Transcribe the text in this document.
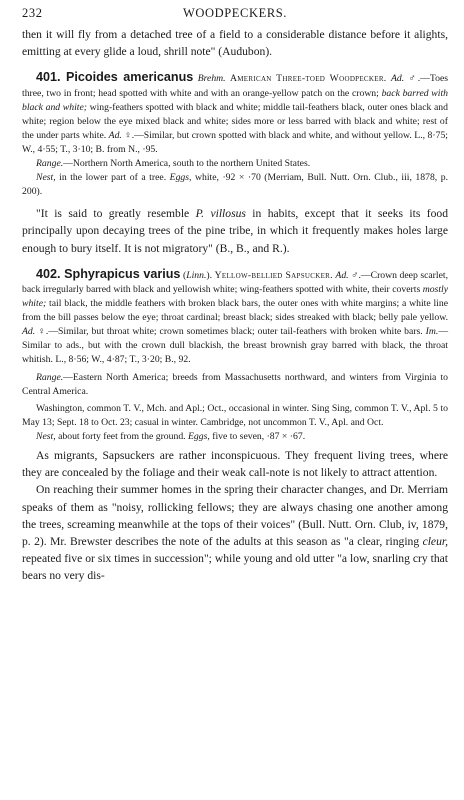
232	WOODPECKERS.

then it will fly from a detached tree of a field to a considerable distance before it alights, emitting at every glide a loud, shrill note" (Audubon).

401. Picoides americanus Brehm. American Three-toed Woodpecker. Ad. ♂.—Toes three, two in front; head spotted with white and with an orange-yellow patch on the crown; back barred with black and white; wing-feathers spotted with black and white; middle tail-feathers black, outer ones black and white; region below the eye mixed black and white; sides more or less barred with black and white; rest of the under parts white. Ad. ♀.—Similar, but crown spotted with black and white, and without yellow. L., 8·75; W., 4·55; T., 3·10; B. from N., ·95.

Range.—Northern North America, south to the northern United States.

Nest, in the lower part of a tree. Eggs, white, ·92 × ·70 (Merriam, Bull. Nutt. Orn. Club., iii, 1878, p. 200).

"It is said to greatly resemble P. villosus in habits, except that it seeks its food principally upon decaying trees of the pine tribe, in which it frequently makes holes large enough to bury itself. It is not migratory" (B., B., and R.).

402. Sphyrapicus varius (Linn.). Yellow-bellied Sapsucker. Ad. ♂.—Crown deep scarlet, back irregularly barred with black and yellowish white; wing-feathers spotted with white, their coverts mostly white; tail black, the middle feathers with broken black bars, the outer ones with white margins; a white line from the bill passes below the eye; throat cardinal; breast black; sides streaked with black; belly pale yellow. Ad. ♀.—Similar, but throat white; crown sometimes black; outer tail-feathers with broken white bars. Im.—Similar to ads., but with the crown dull blackish, the breast brownish gray barred with black, the throat whitish. L., 8·56; W., 4·87; T., 3·20; B., 92.

Range.—Eastern North America; breeds from Massachusetts northward, and winters from Virginia to Central America.

Washington, common T. V., Mch. and Apl.; Oct., occasional in winter. Sing Sing, common T. V., Apl. 5 to May 13; Sept. 18 to Oct. 23; casual in winter. Cambridge, not uncommon T. V., Apl. and Oct.

Nest, about forty feet from the ground. Eggs, five to seven, ·87 × ·67.

As migrants, Sapsuckers are rather inconspicuous. They frequent living trees, where they are concealed by the foliage and their weak call-note is not likely to attract attention.

On reaching their summer homes in the spring their character changes, and Dr. Merriam speaks of them as "noisy, rollicking fellows; they are always chasing one another among the trees, screaming meanwhile at the tops of their voices" (Bull. Nutt. Orn. Club, iv, 1879, p. 2). Mr. Brewster describes the note of the adults at this season as "a clear, ringing cleur, repeated five or six times in succession"; while young and old utter "a low, snarling cry that bears no very dis-
